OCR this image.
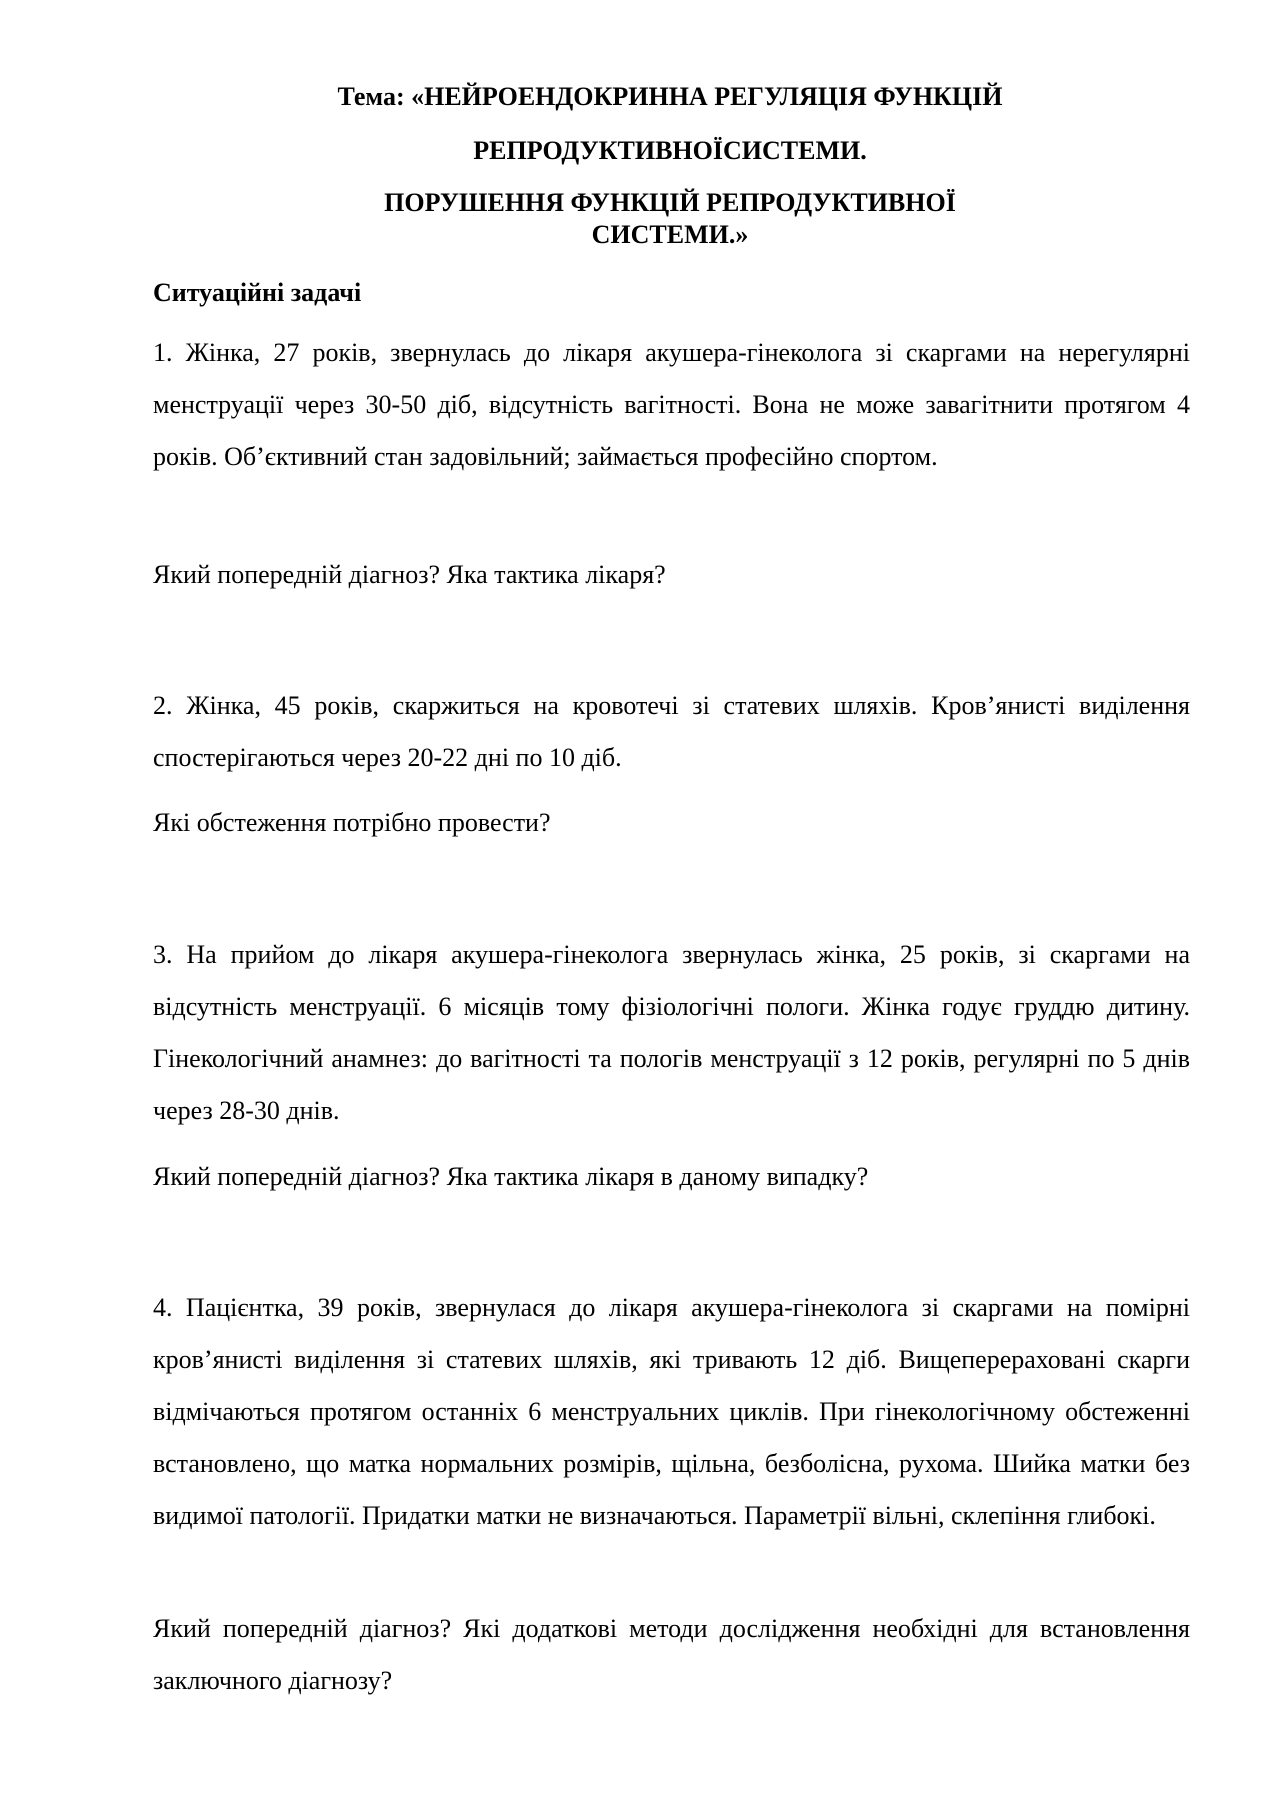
Тема: «НЕЙРОЕНДОКРИННА РЕГУЛЯЦІЯ ФУНКЦІЙ
РЕПРОДУКТИВНОЇСИСТЕМИ.
ПОРУШЕННЯ ФУНКЦІЙ РЕПРОДУКТИВНОЇ
СИСТЕМИ.»
Ситуаційні задачі
1. Жінка, 27 років, звернулась до лікаря акушера-гінеколога зі скаргами на нерегулярні менструації через 30-50 діб, відсутність вагітності. Вона не може завагітнити протягом 4 років. Об’єктивний стан задовільний; займається професійно спортом.
Який попередній діагноз? Яка тактика лікаря?
2. Жінка, 45 років, скаржиться на кровотечі зі статевих шляхів. Кров’янисті виділення спостерігаються через 20-22 дні по 10 діб.
Які обстеження потрібно провести?
3. На прийом до лікаря акушера-гінеколога звернулась жінка, 25 років, зі скаргами на відсутність менструації. 6 місяців тому фізіологічні пологи. Жінка годує груддю дитину. Гінекологічний анамнез: до вагітності та пологів менструації з 12 років, регулярні по 5 днів через 28-30 днів.
Який попередній діагноз? Яка тактика лікаря в даному випадку?
4. Пацієнтка, 39 років, звернулася до лікаря акушера-гінеколога зі скаргами на помірні кров’янисті виділення зі статевих шляхів, які тривають 12 діб. Вищеперераховані скарги відмічаються протягом останніх 6 менструальних циклів. При гінекологічному обстеженні встановлено, що матка нормальних розмірів, щільна, безболісна, рухома. Шийка матки без видимої патології. Придатки матки не визначаються. Параметрії вільні, склепіння глибокі.
Який попередній діагноз? Які додаткові методи дослідження необхідні для встановлення заключного діагнозу?
